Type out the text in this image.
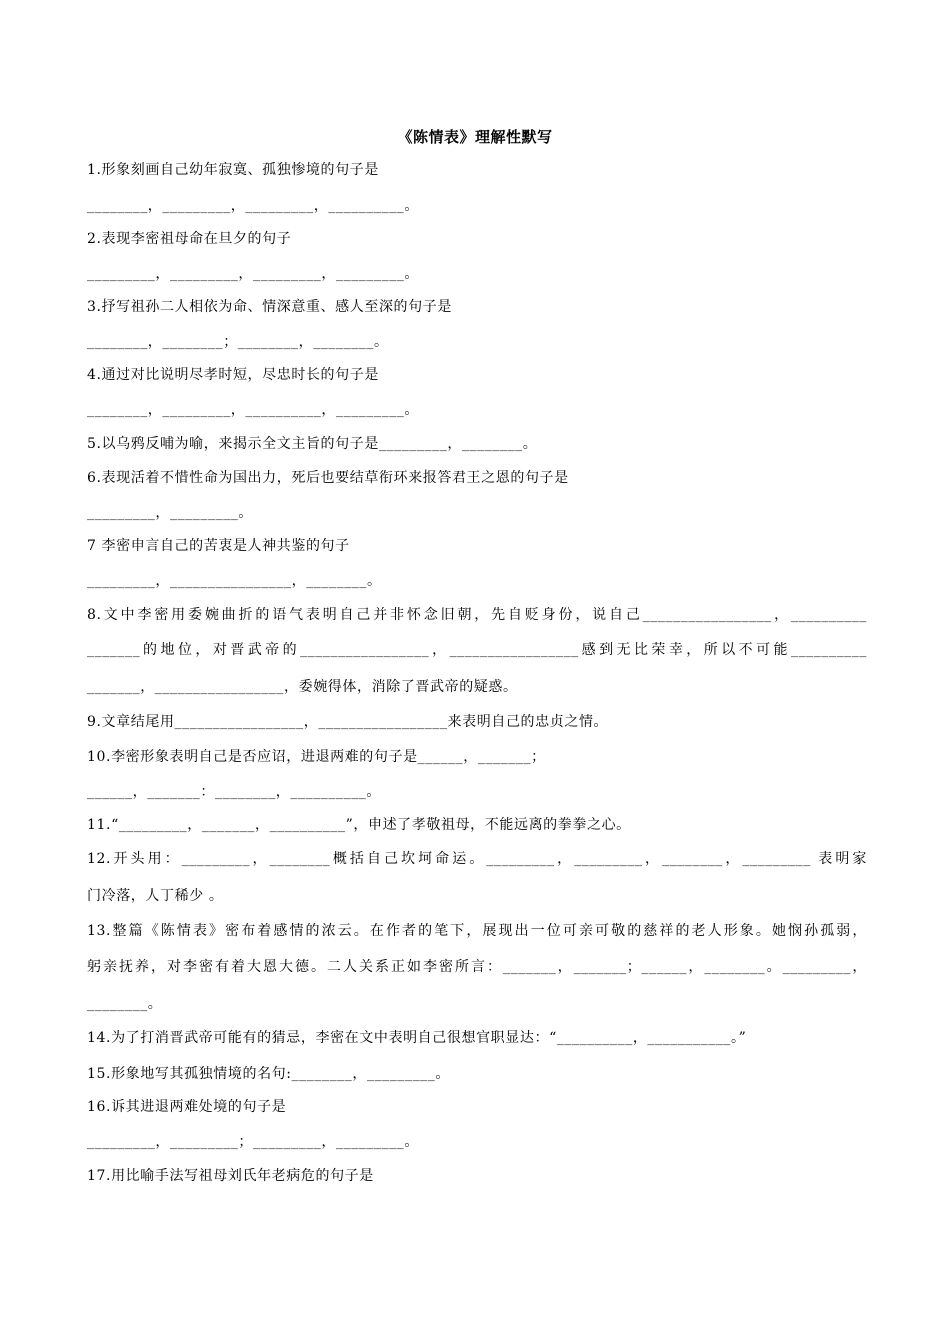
《陈情表》理解性默写
1.形象刻画自己幼年寂寞、孤独惨境的句子是
________，_________，_________，__________。
2.表现李密祖母命在旦夕的句子
_________，_________，_________，_________。
3.抒写祖孙二人相依为命、情深意重、感人至深的句子是
________，________；________，________。
4.通过对比说明尽孝时短，尽忠时长的句子是
________，_________，__________，_________。
5.以乌鸦反哺为喻，来揭示全文主旨的句子是_________，________。
6.表现活着不惜性命为国出力，死后也要结草衔环来报答君王之恩的句子是
_________，_________。
7 李密申言自己的苦衷是人神共鉴的句子
_________，________________，________。
8.文中李密用委婉曲折的语气表明自己并非怀念旧朝，先自贬身份，说自己_________________，__________
_______的地位，对晋武帝的_________________，_________________感到无比荣幸，所以不可能__________
_______，_________________，委婉得体，消除了晋武帝的疑惑。
9.文章结尾用_________________，_________________来表明自己的忠贞之情。
10.李密形象表明自己是否应诏，进退两难的句子是______，_______；
______，_______：________，__________。
11.“_________，_______，__________”，申述了孝敬祖母，不能远离的拳拳之心。
12.开头用：_________，________概括自己坎坷命运。_________，_________，________，_________ 表明家
门冷落，人丁稀少 。
13.整篇《陈情表》密布着感情的浓云。在作者的笔下，展现出一位可亲可敬的慈祥的老人形象。她悯孙孤弱，
躬亲抚养，对李密有着大恩大德。二人关系正如李密所言：_______，_______；______，________。_________，
________。
14.为了打消晋武帝可能有的猜忌，李密在文中表明自己很想官职显达：“__________，___________。”
15.形象地写其孤独情境的名句:________，_________。
16.诉其进退两难处境的句子是
_________，_________；_________，_________。
17.用比喻手法写祖母刘氏年老病危的句子是
